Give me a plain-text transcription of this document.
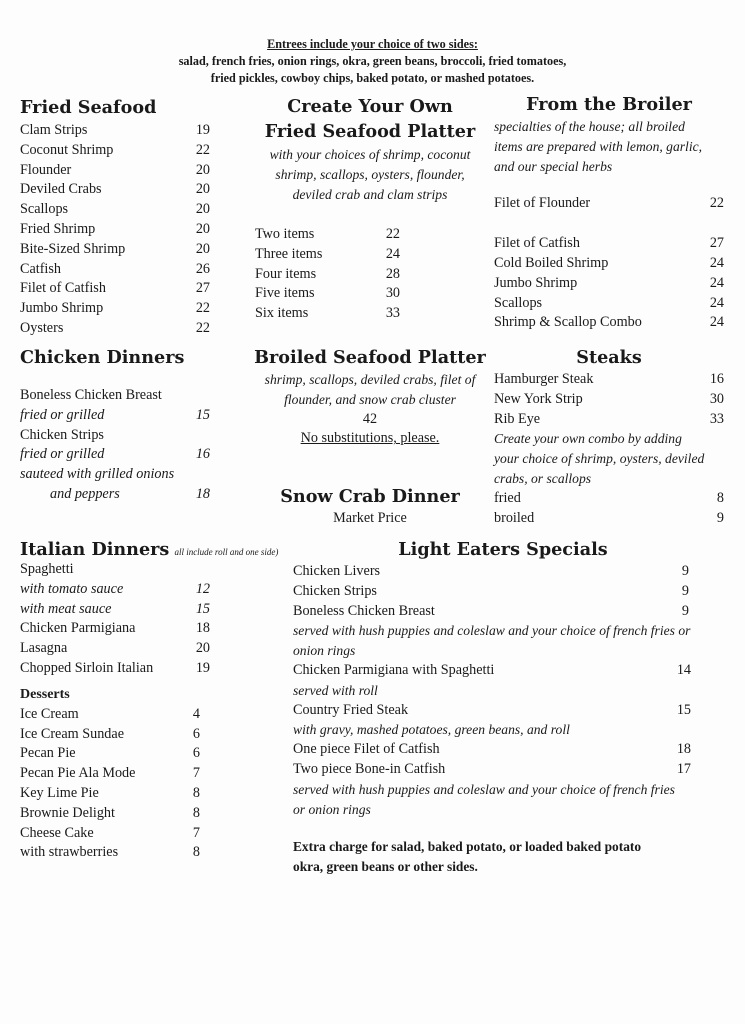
Entrees include your choice of two sides:
salad, french fries, onion rings, okra, green beans, broccoli, fried tomatoes,
fried pickles, cowboy chips, baked potato, or mashed potatoes.
Fried Seafood
Clam Strips	19
Coconut Shrimp	22
Flounder	20
Deviled Crabs	20
Scallops	20
Fried Shrimp	20
Bite-Sized Shrimp	20
Catfish	26
Filet of Catfish	27
Jumbo Shrimp	22
Oysters	22
Create Your Own
Fried Seafood Platter
with your choices of shrimp, coconut
shrimp, scallops, oysters, flounder,
deviled crab and clam strips
Two items	22
Three items	24
Four items	28
Five items	30
Six items	33
From the Broiler
specialties of the house; all broiled
items are prepared with lemon, garlic,
and our special herbs
Filet of Flounder	22
Filet of Catfish	27
Cold Boiled Shrimp	24
Jumbo Shrimp	24
Scallops	24
Shrimp & Scallop Combo	24
Chicken Dinners
Boneless Chicken Breast
fried or grilled	15
Chicken Strips
fried or grilled	16
sauteed with grilled onions
and peppers	18
Broiled Seafood Platter
shrimp, scallops, deviled crabs, filet of
flounder, and snow crab cluster
42
No substitutions, please.
Snow Crab Dinner
Market Price
Steaks
Hamburger Steak	16
New York Strip	30
Rib Eye	33
Create your own combo by adding
your choice of shrimp, oysters, deviled
crabs, or scallops
fried	8
broiled	9
Italian Dinners all include roll and one side)
Spaghetti
with tomato sauce	12
with meat sauce	15
Chicken Parmigiana	18
Lasagna	20
Chopped Sirloin Italian	19
Desserts
Ice Cream	4
Ice Cream Sundae	6
Pecan Pie	6
Pecan Pie Ala Mode	7
Key Lime Pie	8
Brownie Delight	8
Cheese Cake	7
with strawberries	8
Light Eaters Specials
Chicken Livers	9
Chicken Strips	9
Boneless Chicken Breast	9
served with hush puppies and coleslaw and your choice of french fries or
onion rings
Chicken Parmigiana with Spaghetti	14
served with roll
Country Fried Steak	15
with gravy, mashed potatoes, green beans, and roll
One piece Filet of Catfish	18
Two piece Bone-in Catfish	17
served with hush puppies and coleslaw and your choice of french fries
or onion rings
Extra charge for salad, baked potato, or loaded baked potato
okra, green beans or other sides.
